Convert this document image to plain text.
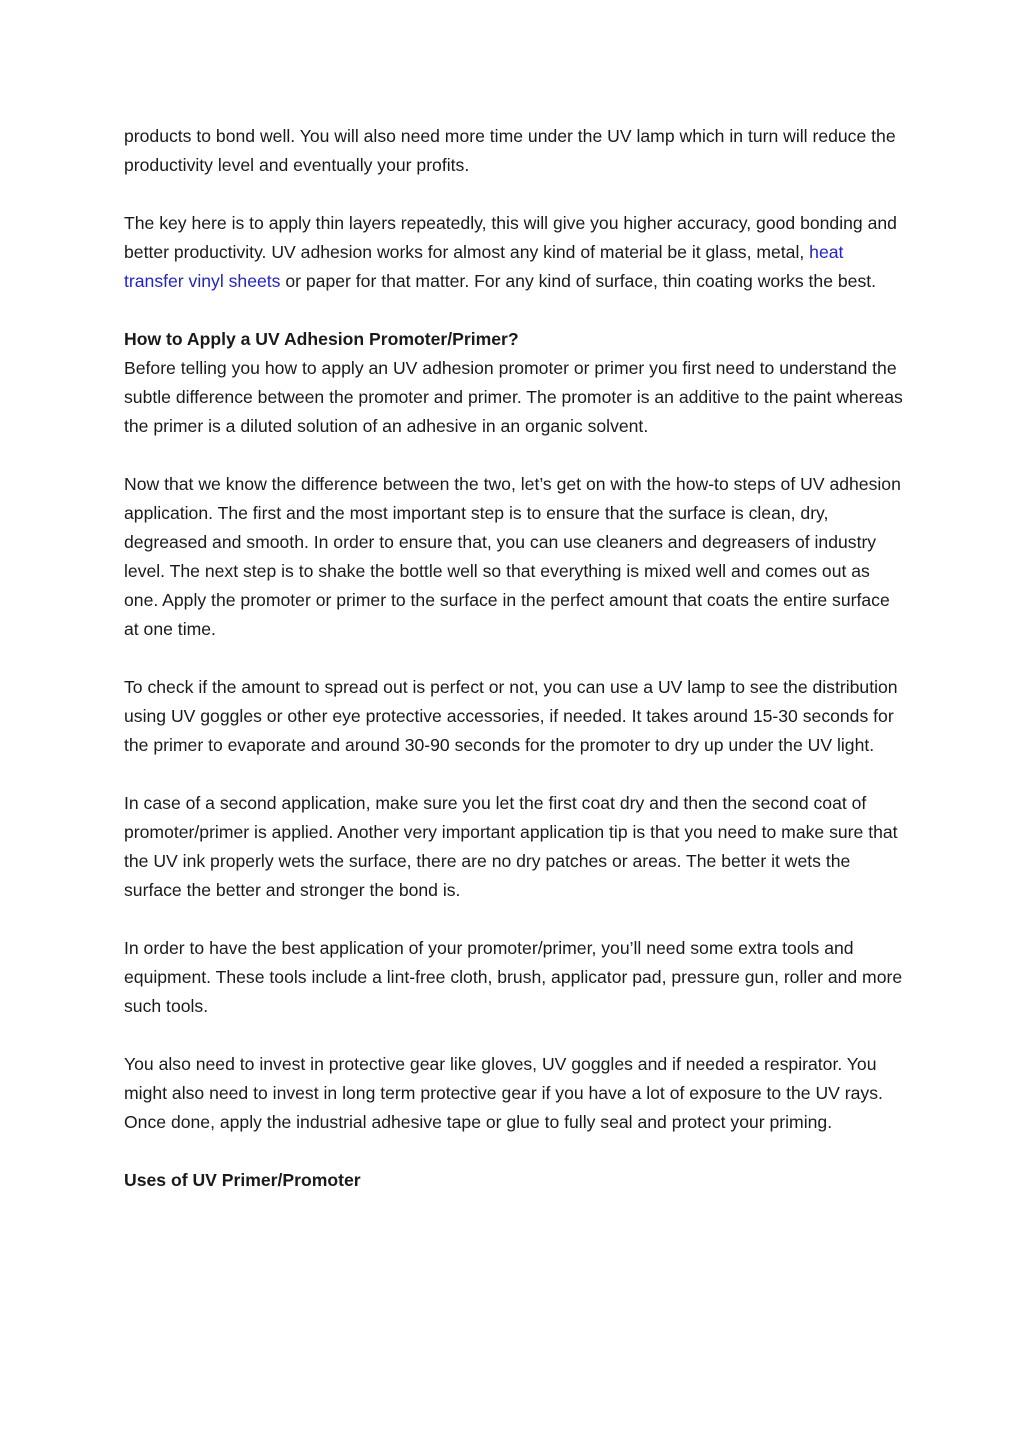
products to bond well. You will also need more time under the UV lamp which in turn will reduce the productivity level and eventually your profits.

The key here is to apply thin layers repeatedly, this will give you higher accuracy, good bonding and better productivity. UV adhesion works for almost any kind of material be it glass, metal, heat transfer vinyl sheets or paper for that matter. For any kind of surface, thin coating works the best.

How to Apply a UV Adhesion Promoter/Primer?

Before telling you how to apply an UV adhesion promoter or primer you first need to understand the subtle difference between the promoter and primer. The promoter is an additive to the paint whereas the primer is a diluted solution of an adhesive in an organic solvent.

Now that we know the difference between the two, let’s get on with the how-to steps of UV adhesion application. The first and the most important step is to ensure that the surface is clean, dry, degreased and smooth. In order to ensure that, you can use cleaners and degreasers of industry level. The next step is to shake the bottle well so that everything is mixed well and comes out as one. Apply the promoter or primer to the surface in the perfect amount that coats the entire surface at one time.

To check if the amount to spread out is perfect or not, you can use a UV lamp to see the distribution using UV goggles or other eye protective accessories, if needed. It takes around 15-30 seconds for the primer to evaporate and around 30-90 seconds for the promoter to dry up under the UV light.

In case of a second application, make sure you let the first coat dry and then the second coat of promoter/primer is applied. Another very important application tip is that you need to make sure that the UV ink properly wets the surface, there are no dry patches or areas. The better it wets the surface the better and stronger the bond is.

In order to have the best application of your promoter/primer, you’ll need some extra tools and equipment. These tools include a lint-free cloth, brush, applicator pad, pressure gun, roller and more such tools.

You also need to invest in protective gear like gloves, UV goggles and if needed a respirator. You might also need to invest in long term protective gear if you have a lot of exposure to the UV rays. Once done, apply the industrial adhesive tape or glue to fully seal and protect your priming.

Uses of UV Primer/Promoter
